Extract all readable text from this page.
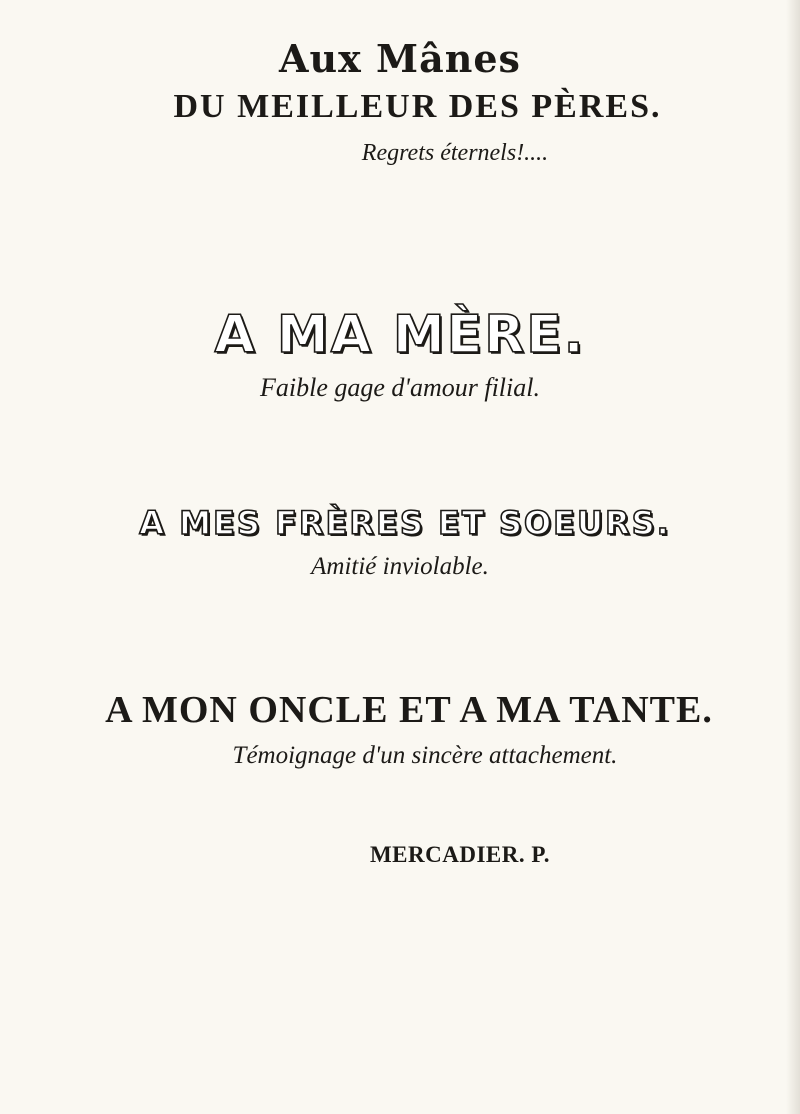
Aux Mânes
DU MEILLEUR DES PÈRES.
Regrets éternels!....
A MA MÈRE.
Faible gage d'amour filial.
A MES FRÈRES ET SOEURS.
Amitié inviolable.
A MON ONCLE ET A MA TANTE.
Témoignage d'un sincère attachement.
MERCADIER. P.
